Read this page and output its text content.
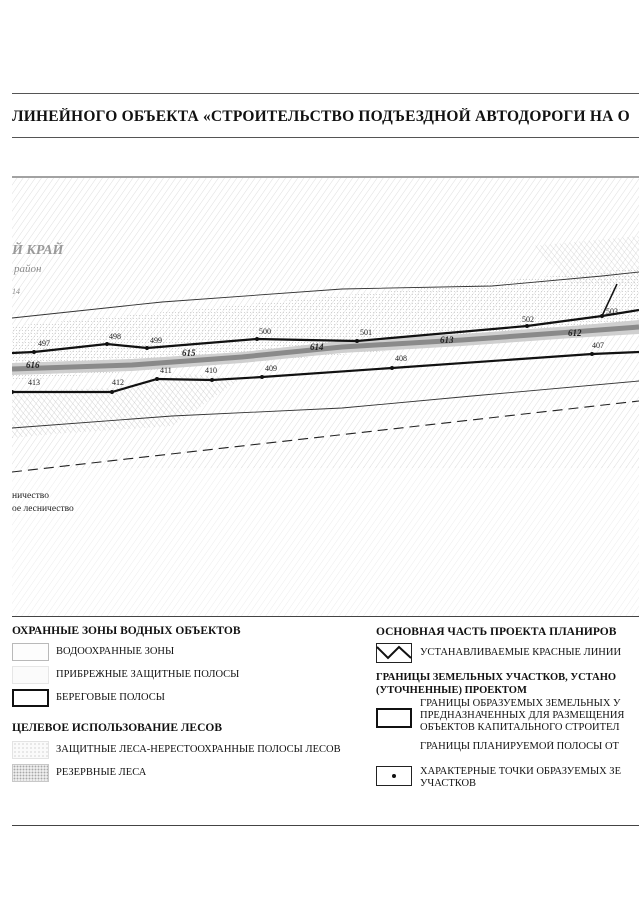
ЛИНЕЙНОГО ОБЪЕКТА «СТРОИТЕЛЬСТВО ПОДЪЕЗДНОЙ АВТОДОРОГИ НА О
497
498	499
500	501
502
503
413	412
411	410	409
408
407
616
615
614
613
612
Й КРАЙ
район
14
ничество
ое лесничество
ОХРАННЫЕ ЗОНЫ ВОДНЫХ ОБЪЕКТОВ
ВОДООХРАННЫЕ ЗОНЫ
ПРИБРЕЖНЫЕ ЗАЩИТНЫЕ ПОЛОСЫ
БЕРЕГОВЫЕ ПОЛОСЫ
ЦЕЛЕВОЕ ИСПОЛЬЗОВАНИЕ ЛЕСОВ
ЗАЩИТНЫЕ ЛЕСА-НЕРЕСТООХРАННЫЕ ПОЛОСЫ ЛЕСОВ
РЕЗЕРВНЫЕ ЛЕСА
ОСНОВНАЯ ЧАСТЬ ПРОЕКТА ПЛАНИРОВ
УСТАНАВЛИВАЕМЫЕ КРАСНЫЕ ЛИНИИ
ГРАНИЦЫ ЗЕМЕЛЬНЫХ УЧАСТКОВ, УСТАНО
(УТОЧНЕННЫЕ) ПРОЕКТОМ
ГРАНИЦЫ ОБРАЗУЕМЫХ ЗЕМЕЛЬНЫХ У
ПРЕДНАЗНАЧЕННЫХ ДЛЯ РАЗМЕЩЕНИЯ
ОБЪЕКТОВ КАПИТАЛЬНОГО СТРОИТЕЛ
ГРАНИЦЫ ПЛАНИРУЕМОЙ ПОЛОСЫ ОТ
ХАРАКТЕРНЫЕ ТОЧКИ ОБРАЗУЕМЫХ ЗЕ
УЧАСТКОВ
